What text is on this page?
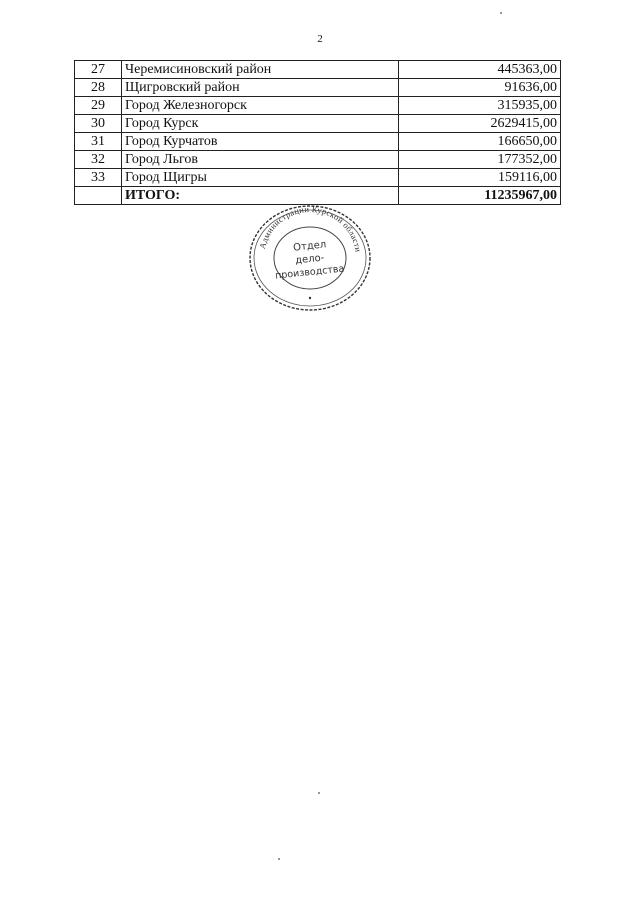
2
27	Черемисиновский район	445363,00
28	Щигровский район	91636,00
29	Город Железногорск	315935,00
30	Город Курск	2629415,00
31	Город Курчатов	166650,00
32	Город Льгов	177352,00
33	Город Щигры	159116,00
	ИТОГО:	11235967,00
Администрации Курской области
Отдел
дело-
производства
